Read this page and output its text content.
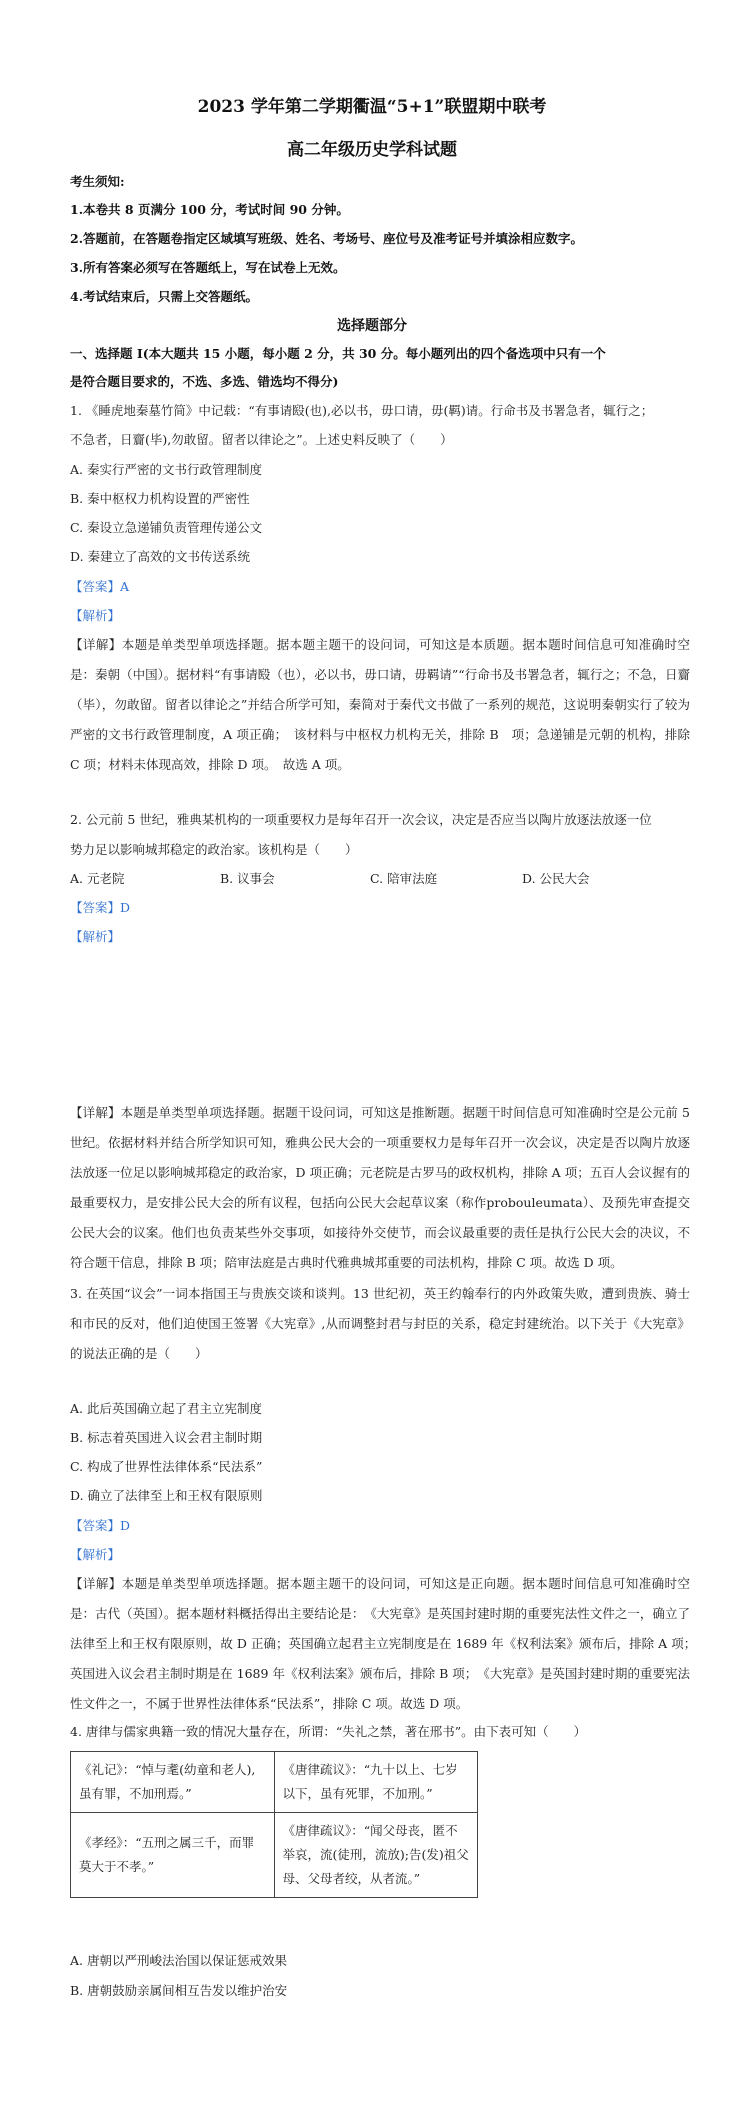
2023 学年第二学期衢温“5+1”联盟期中联考
高二年级历史学科试题
考生须知:
1.本卷共 8 页满分 100 分，考试时间 90 分钟。
2.答题前，在答题卷指定区域填写班级、姓名、考场号、座位号及准考证号并填涂相应数字。
3.所有答案必须写在答题纸上，写在试卷上无效。
4.考试结束后，只需上交答题纸。
选择题部分
一、选择题 I(本大题共 15 小题，每小题 2 分，共 30 分。每小题列出的四个备选项中只有一个
是符合题目要求的，不选、多选、错选均不得分)
1. 《睡虎地秦墓竹简》中记载：“有事请殹(也),必以书，毋口请，毋(羁)请。行命书及书署急者，辄行之；
不急者，日齎(毕),勿敢留。留者以律论之”。上述史料反映了（　　）
A. 秦实行严密的文书行政管理制度
B. 秦中枢权力机构设置的严密性
C. 秦设立急递铺负责管理传递公文
D. 秦建立了高效的文书传送系统
【答案】A
【解析】
【详解】本题是单类型单项选择题。据本题主题干的设问词，可知这是本质题。据本题时间信息可知准确时空是：秦朝（中国）。据材料“有事请殹（也），必以书，毋口请，毋羁请”“行命书及书署急者，辄行之；不急，日齎（毕），勿敢留。留者以律论之”并结合所学可知，秦简对于秦代文书做了一系列的规范，这说明秦朝实行了较为严密的文书行政管理制度，A 项正确；　该材料与中枢权力机构无关，排除 B　项；急递铺是元朝的机构，排除 C 项；材料未体现高效，排除 D 项。　故选 A 项。
2. 公元前 5 世纪，雅典某机构的一项重要权力是每年召开一次会议，决定是否应当以陶片放逐法放逐一位
势力足以影响城邦稳定的政治家。该机构是（　　）
A. 元老院	B. 议事会	C. 陪审法庭	D. 公民大会
【答案】D
【解析】
【详解】本题是单类型单项选择题。据题干设问词，可知这是推断题。据题干时间信息可知准确时空是公元前 5 世纪。依据材料并结合所学知识可知，雅典公民大会的一项重要权力是每年召开一次会议，决定是否以陶片放逐法放逐一位足以影响城邦稳定的政治家，D 项正确；元老院是古罗马的政权机构，排除 A 项；五百人会议握有的最重要权力，是安排公民大会的所有议程，包括向公民大会起草议案（称作probouleumata）、及预先审查提交公民大会的议案。他们也负责某些外交事项，如接待外交使节，而会议最重要的责任是执行公民大会的决议，不符合题干信息，排除 B 项；陪审法庭是古典时代雅典城邦重要的司法机构，排除 C 项。故选 D 项。
3. 在英国“议会”一词本指国王与贵族交谈和谈判。13 世纪初，英王约翰奉行的内外政策失败，遭到贵族、骑士和市民的反对，他们迫使国王签署《大宪章》,从而调整封君与封臣的关系，稳定封建统治。以下关于《大宪章》的说法正确的是（　　）
A. 此后英国确立起了君主立宪制度
B. 标志着英国进入议会君主制时期
C. 构成了世界性法律体系“民法系”
D. 确立了法律至上和王权有限原则
【答案】D
【解析】
【详解】本题是单类型单项选择题。据本题主题干的设问词，可知这是正向题。据本题时间信息可知准确时空是：古代（英国）。据本题材料概括得出主要结论是：　《大宪章》是英国封建时期的重要宪法性文件之一，确立了法律至上和王权有限原则，故 D 正确；英国确立起君主立宪制度是在 1689 年《权利法案》颁布后，排除 A 项；　英国进入议会君主制时期是在 1689 年《权利法案》颁布后，排除 B 项；　《大宪章》是英国封建时期的重要宪法性文件之一，不属于世界性法律体系“民法系”，排除 C 项。故选 D 项。
4. 唐律与儒家典籍一致的情况大量存在，所谓：“失礼之禁，著在邢书”。由下表可知（　　）
《礼记》：“悼与耄(幼童和老人),虽有罪，不加刑焉。”	《唐律疏议》：“九十以上、七岁以下，虽有死罪，不加刑。”
《孝经》：“五刑之属三千，而罪莫大于不孝。”	《唐律疏议》：“闻父母丧，匿不举哀，流(徒刑，流放);告(发)祖父母、父母者绞，从者流。”
A. 唐朝以严刑峻法治国以保证惩戒效果
B. 唐朝鼓励亲属间相互告发以维护治安
